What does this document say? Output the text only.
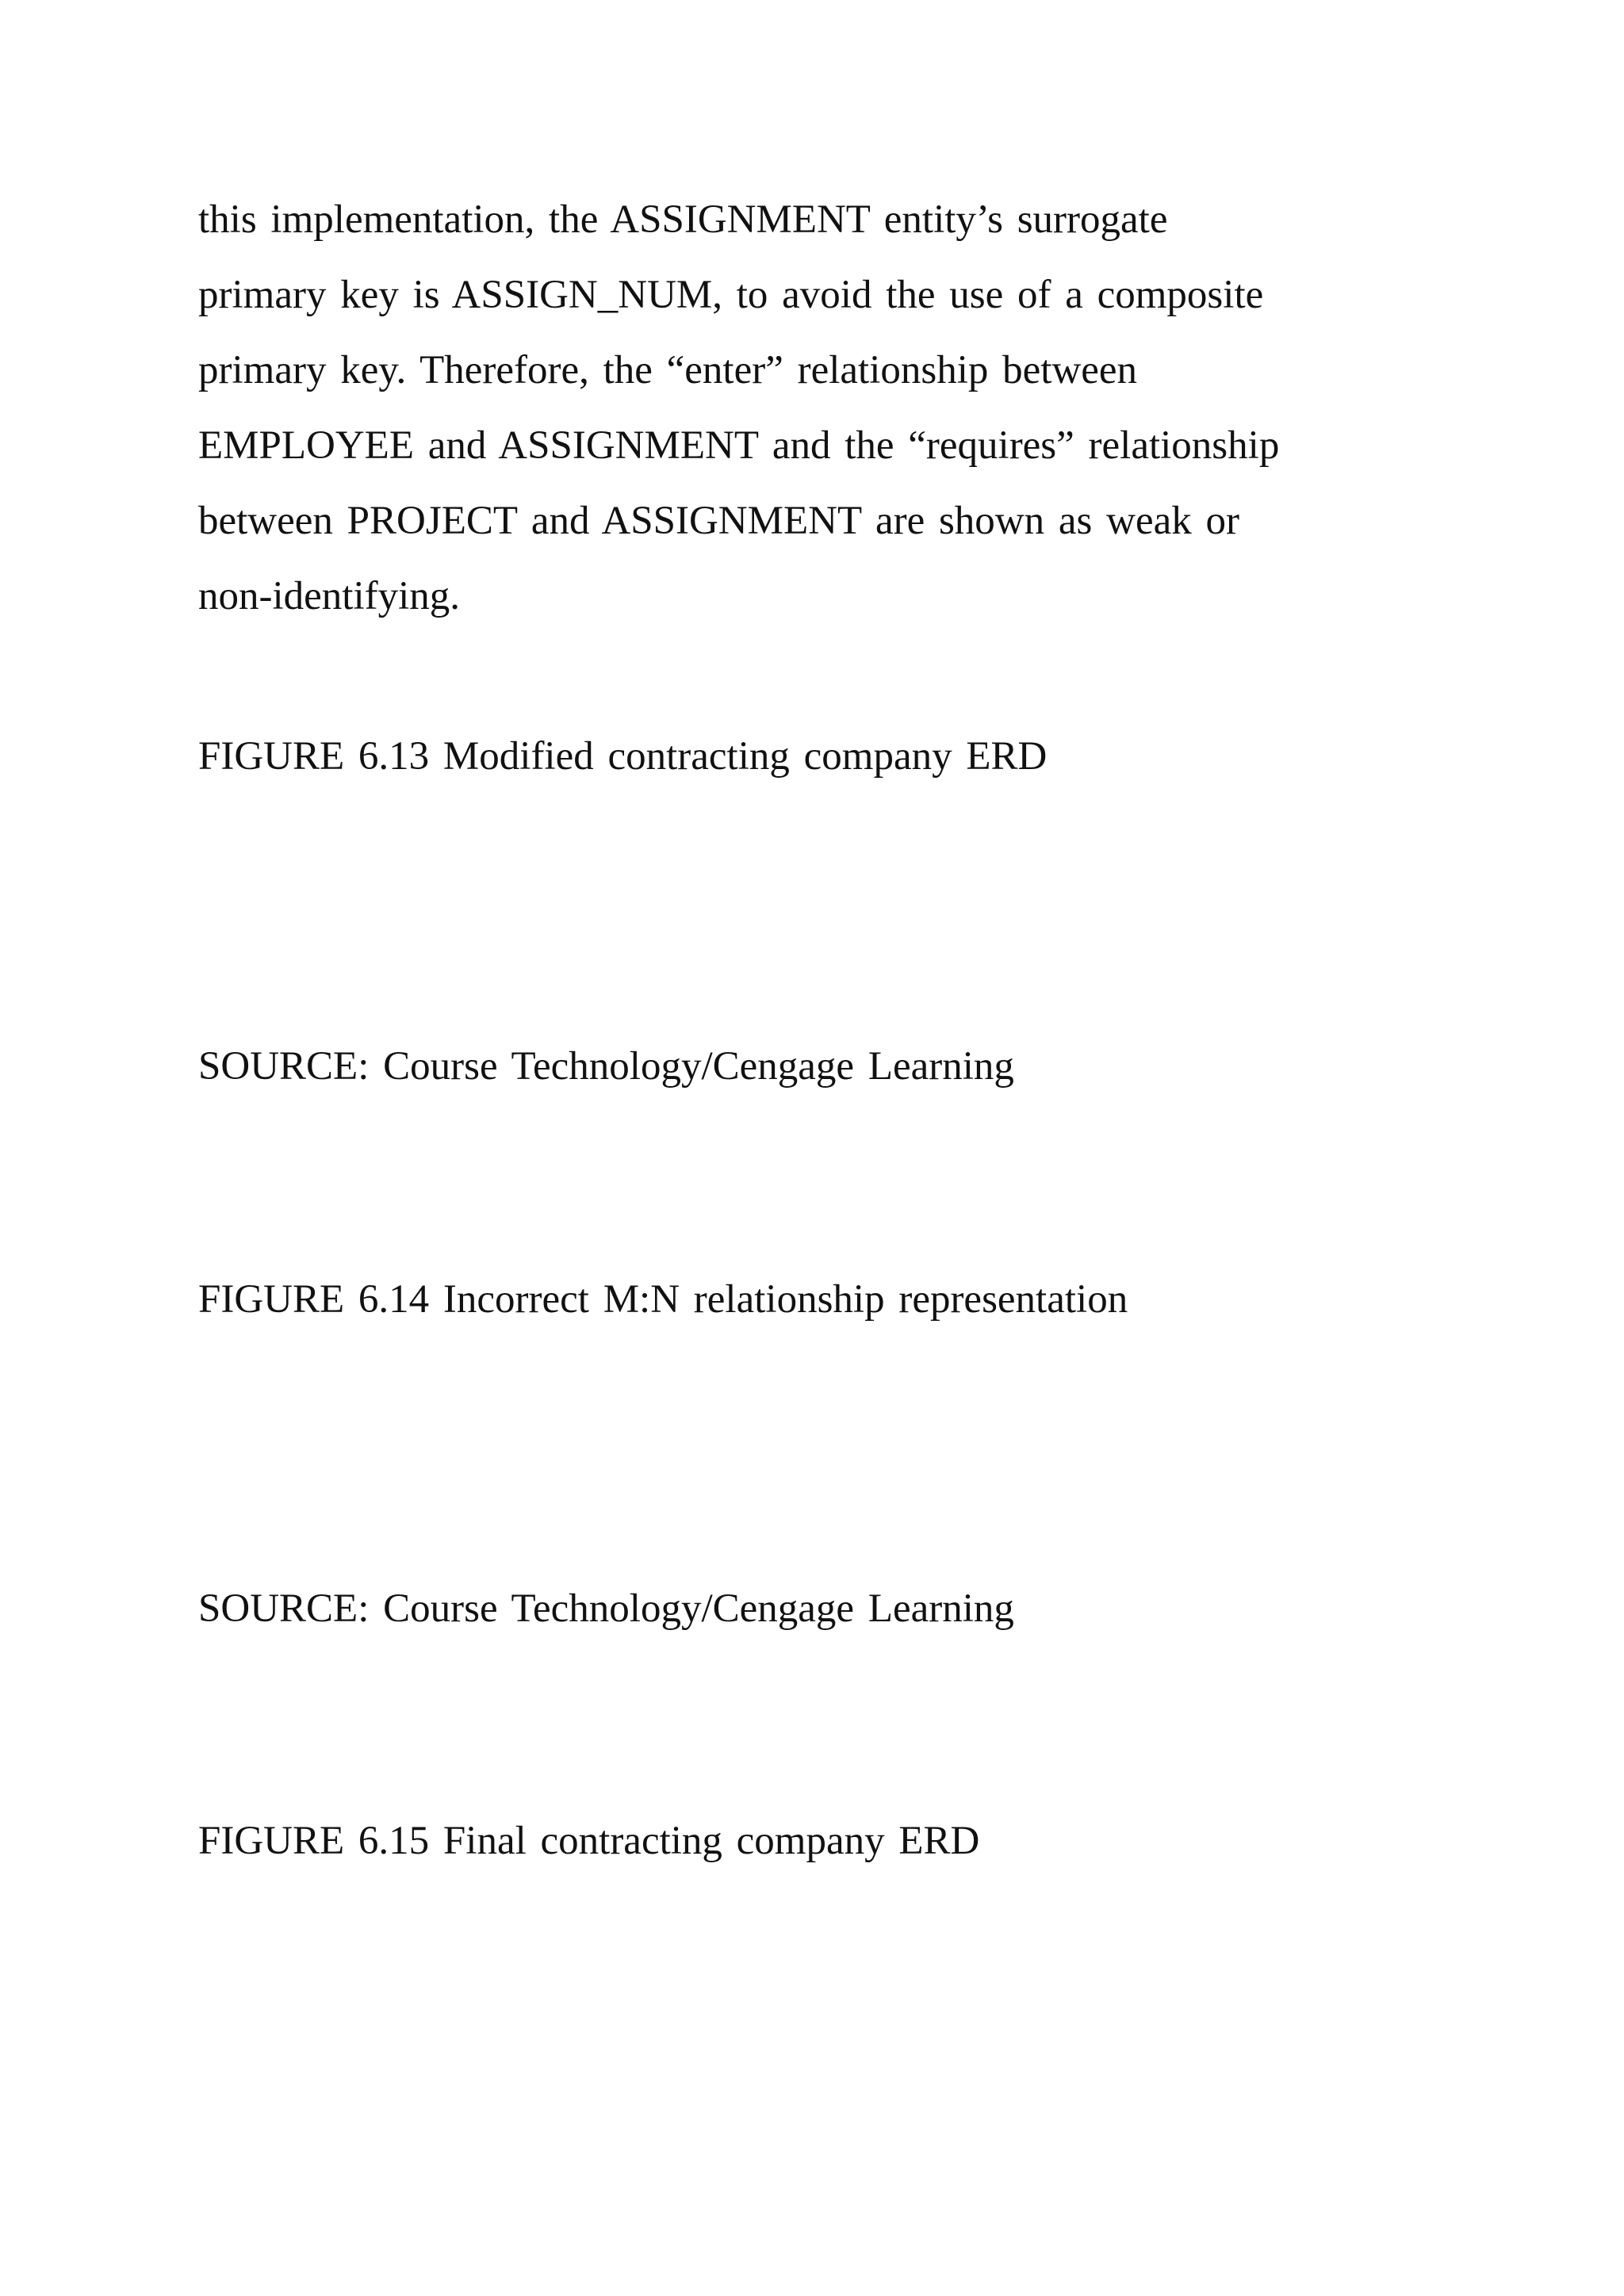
this implementation, the ASSIGNMENT entity’s surrogate
primary key is ASSIGN_NUM, to avoid the use of a composite
primary key. Therefore, the “enter” relationship between
EMPLOYEE and ASSIGNMENT and the “requires” relationship
between PROJECT and ASSIGNMENT are shown as weak or
non-identifying.
FIGURE 6.13 Modified contracting company ERD
SOURCE: Course Technology/Cengage Learning
FIGURE 6.14 Incorrect M:N relationship representation
SOURCE: Course Technology/Cengage Learning
FIGURE 6.15 Final contracting company ERD
